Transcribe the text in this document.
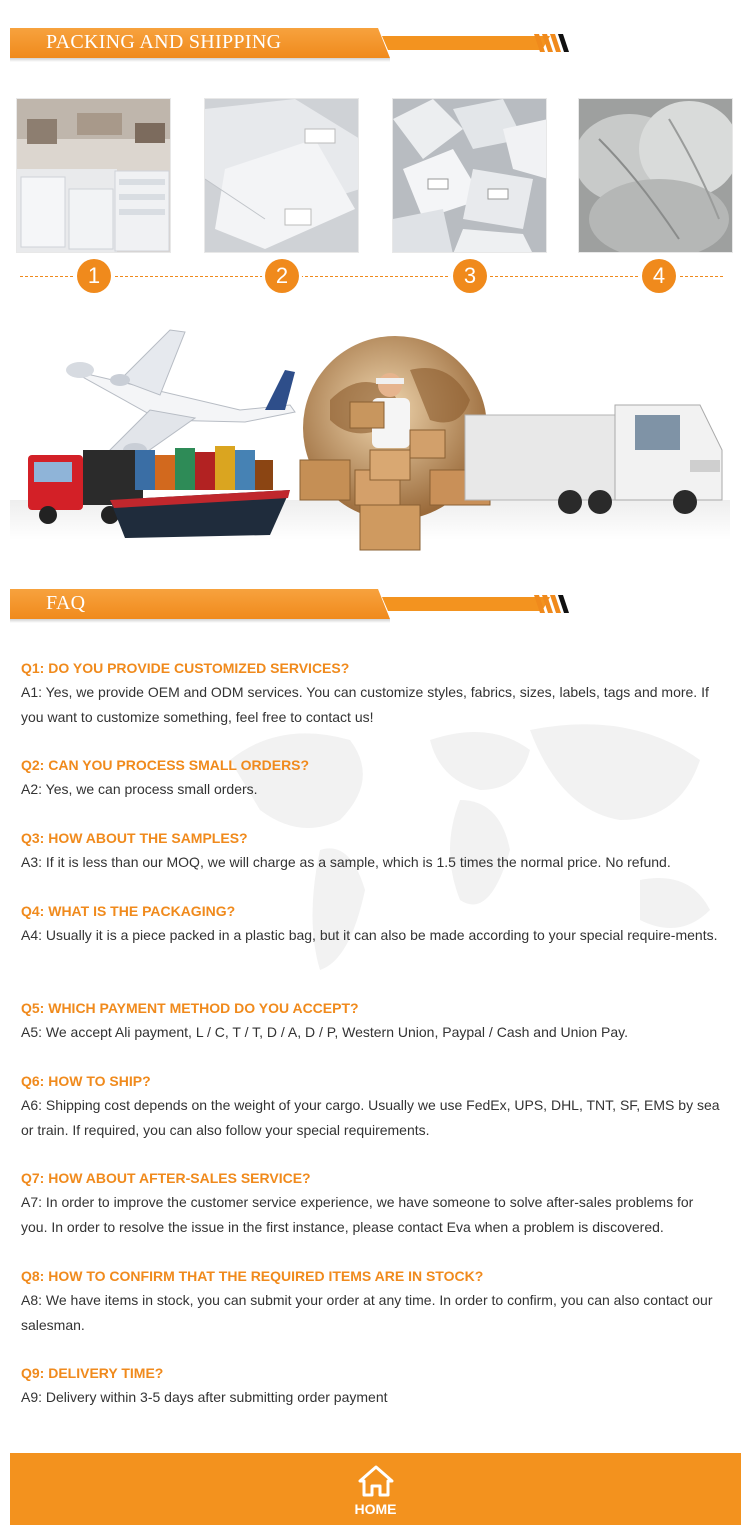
PACKING AND SHIPPING
1	2	3	4
FAQ
Q1: DO YOU PROVIDE CUSTOMIZED SERVICES?
A1: Yes, we provide OEM and ODM services. You can customize styles, fabrics, sizes, labels, tags and more. If you want to customize something, feel free to contact us!
Q2: CAN YOU PROCESS SMALL ORDERS?
A2: Yes, we can process small orders.
Q3: HOW ABOUT THE SAMPLES?
A3: If it is less than our MOQ, we will charge as a sample, which is 1.5 times the normal price. No refund.
Q4: WHAT IS THE PACKAGING?
A4: Usually it is a piece packed in a plastic bag, but it can also be made according to your special require-ments.
Q5: WHICH PAYMENT METHOD DO YOU ACCEPT?
A5: We accept Ali payment, L / C, T / T, D / A, D / P, Western Union, Paypal / Cash and Union Pay.
Q6: HOW TO SHIP?
A6: Shipping cost depends on the weight of your cargo. Usually we use FedEx, UPS, DHL, TNT, SF, EMS by sea or train. If required, you can also follow your special requirements.
Q7: HOW ABOUT AFTER-SALES SERVICE?
A7: In order to improve the customer service experience, we have someone to solve after-sales problems for you. In order to resolve the issue in the first instance, please contact Eva when a problem is discovered.
Q8: HOW TO CONFIRM THAT THE REQUIRED ITEMS ARE IN STOCK?
A8: We have items in stock, you can submit your order at any time. In order to confirm, you can also contact our salesman.
Q9: DELIVERY TIME?
A9: Delivery within 3-5 days after submitting order payment
HOME
